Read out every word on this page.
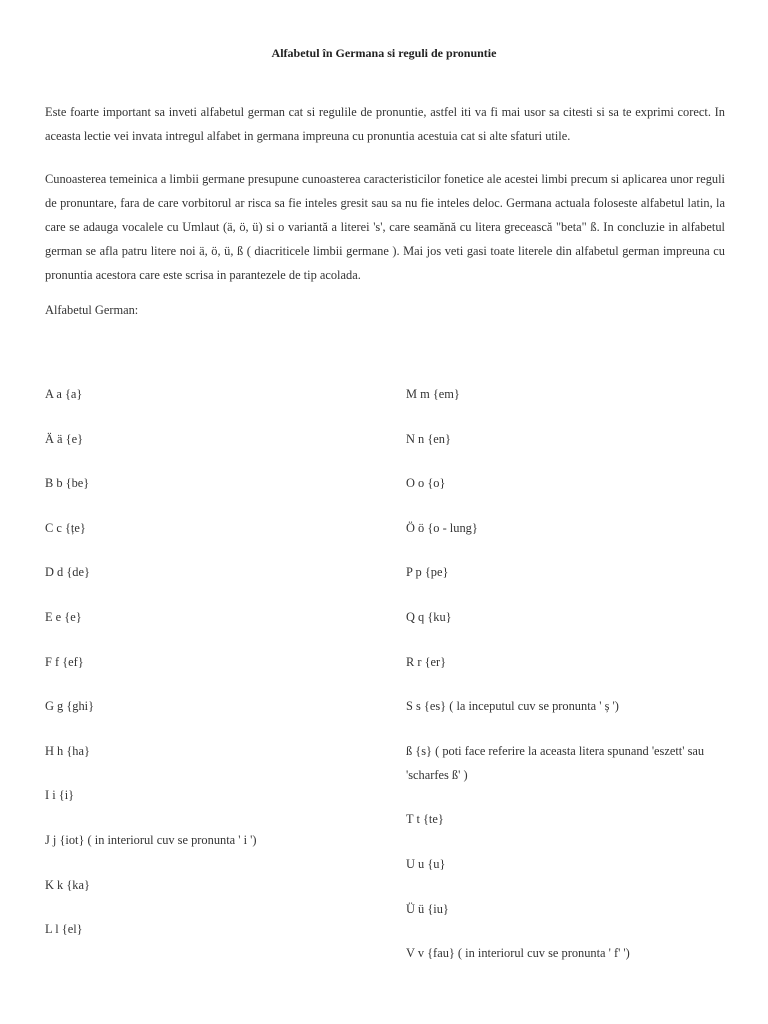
Alfabetul în Germana si reguli de pronuntie

Este foarte important sa inveti alfabetul german cat si regulile de pronuntie, astfel iti va fi mai usor sa citesti si sa te exprimi corect. In aceasta lectie vei invata intregul alfabet in germana impreuna cu pronuntia acestuia cat si alte sfaturi utile.

Cunoasterea temeinica a limbii germane presupune cunoasterea caracteristicilor fonetice ale acestei limbi precum si aplicarea unor reguli de pronuntare, fara de care vorbitorul ar risca sa fie inteles gresit sau sa nu fie inteles deloc. Germana actuala foloseste alfabetul latin, la care se adauga vocalele cu Umlaut (ä, ö, ü) si o variantă a literei 's', care seamănă cu litera grecească "beta" ß. In concluzie in alfabetul german se afla patru litere noi ä, ö, ü, ß ( diacriticele limbii germane ). Mai jos veti gasi toate literele din alfabetul german impreuna cu pronuntia acestora care este scrisa in parantezele de tip acolada.

Alfabetul German:
A a {a}
Ä ä {e}
B b {be}
C c {țe}
D d {de}
E e {e}
F f {ef}
G g {ghi}
H h {ha}
I i {i}
J j {iot} ( in interiorul cuv se pronunta ' i ')
K k {ka}
L l {el}
M m {em}
N n {en}
O o {o}
Ö ö {o - lung}
P p {pe}
Q q {ku}
R r {er}
S s {es} ( la inceputul cuv se pronunta ' ș ')
ß {s} ( poti face referire la aceasta litera spunand 'eszett' sau 'scharfes ß' )
T t {te}
U u {u}
Ü ü {iu}
V v {fau} ( in interiorul cuv se pronunta ' f' ')
